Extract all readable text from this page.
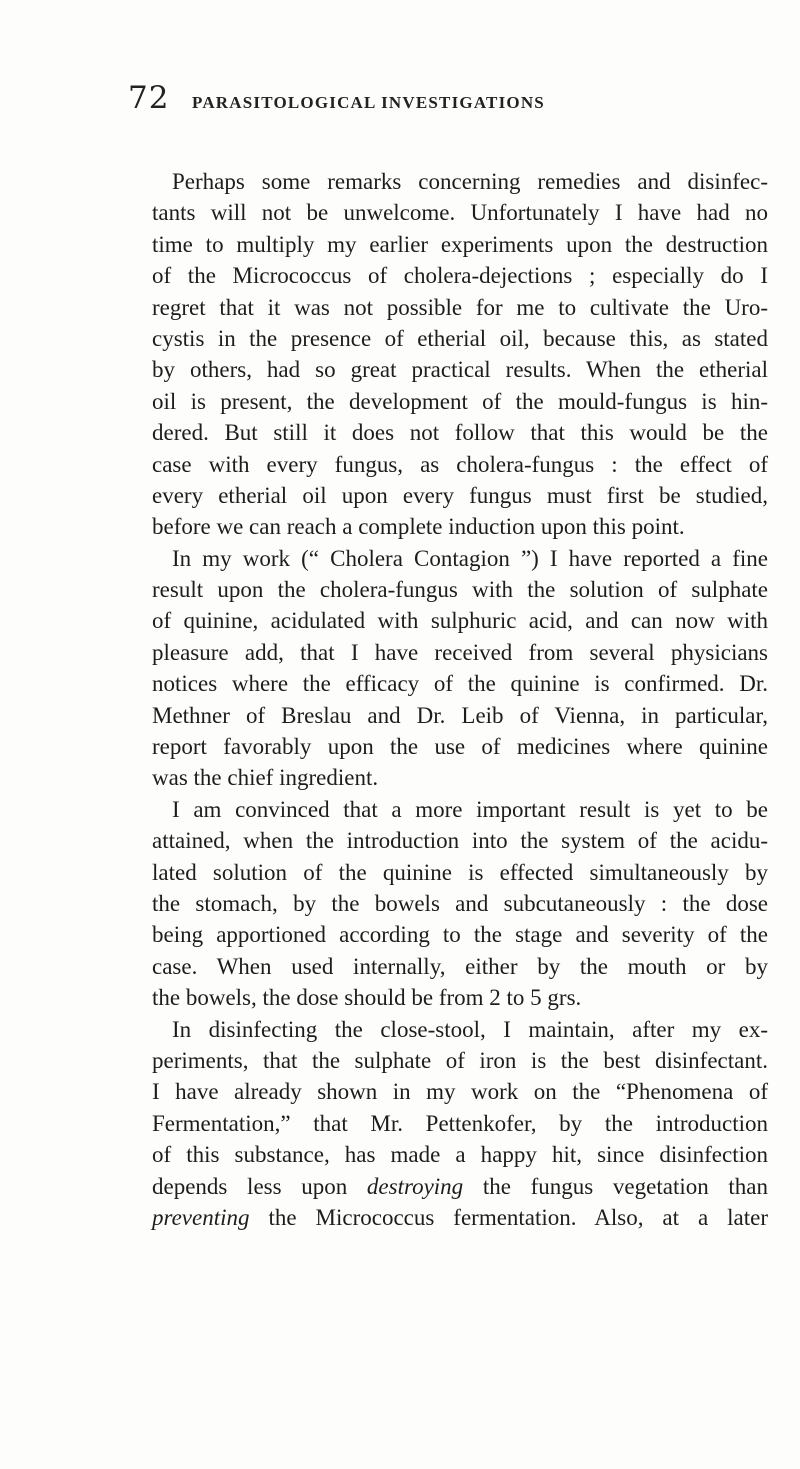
72 PARASITOLOGICAL INVESTIGATIONS
Perhaps some remarks concerning remedies and disinfec-
tants will not be unwelcome. Unfortunately I have had no
time to multiply my earlier experiments upon the destruction
of the Micrococcus of cholera-dejections ; especially do I
regret that it was not possible for me to cultivate the Uro-
cystis in the presence of etherial oil, because this, as stated
by others, had so great practical results. When the etherial
oil is present, the development of the mould-fungus is hin-
dered. But still it does not follow that this would be the
case with every fungus, as cholera-fungus : the effect of
every etherial oil upon every fungus must first be studied,
before we can reach a complete induction upon this point.
In my work (“ Cholera Contagion ”) I have reported a fine
result upon the cholera-fungus with the solution of sulphate
of quinine, acidulated with sulphuric acid, and can now with
pleasure add, that I have received from several physicians
notices where the efficacy of the quinine is confirmed. Dr.
Methner of Breslau and Dr. Leib of Vienna, in particular,
report favorably upon the use of medicines where quinine
was the chief ingredient.
I am convinced that a more important result is yet to be
attained, when the introduction into the system of the acidu-
lated solution of the quinine is effected simultaneously by
the stomach, by the bowels and subcutaneously : the dose
being apportioned according to the stage and severity of the
case. When used internally, either by the mouth or by
the bowels, the dose should be from 2 to 5 grs.
In disinfecting the close-stool, I maintain, after my ex-
periments, that the sulphate of iron is the best disinfectant.
I have already shown in my work on the “Phenomena of
Fermentation,” that Mr. Pettenkofer, by the introduction
of this substance, has made a happy hit, since disinfection
depends less upon destroying the fungus vegetation than
preventing the Micrococcus fermentation. Also, at a later
